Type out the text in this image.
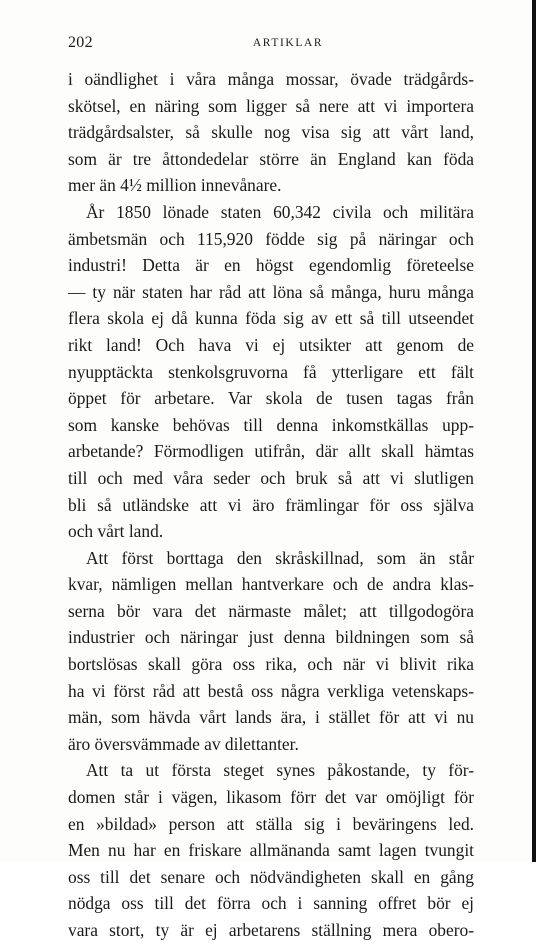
202	ARTIKLAR
i oändlighet i våra många mossar, övade trädgårds-
skötsel, en näring som ligger så nere att vi importera
trädgårdsalster, så skulle nog visa sig att vårt land,
som är tre åttondedelar större än England kan föda
mer än 4½ million innevånare.
År 1850 lönade staten 60,342 civila och militära
ämbetsmän och 115,920 födde sig på näringar och
industri! Detta är en högst egendomlig företeelse
— ty när staten har råd att löna så många, huru många
flera skola ej då kunna föda sig av ett så till utseendet
rikt land! Och hava vi ej utsikter att genom de
nyupptäckta stenkolsgruvorna få ytterligare ett fält
öppet för arbetare. Var skola de tusen tagas från
som kanske behövas till denna inkomstkällas upp-
arbetande? Förmodligen utifrån, där allt skall hämtas
till och med våra seder och bruk så att vi slutligen
bli så utländske att vi äro främlingar för oss själva
och vårt land.
Att först borttaga den skråskillnad, som än står
kvar, nämligen mellan hantverkare och de andra klas-
serna bör vara det närmaste målet; att tillgodogöra
industrier och näringar just denna bildningen som så
bortslösas skall göra oss rika, och när vi blivit rika
ha vi först råd att bestå oss några verkliga vetenskaps-
män, som hävda vårt lands ära, i stället för att vi nu
äro översvämmade av dilettanter.
Att ta ut första steget synes påkostande, ty för-
domen står i vägen, likasom förr det var omöjligt för
en »bildad» person att ställa sig i beväringens led.
Men nu har en friskare allmänanda samt lagen tvungit
oss till det senare och nödvändigheten skall en gång
nödga oss till det förra och i sanning offret bör ej
vara stort, ty är ej arbetarens ställning mera obero-
